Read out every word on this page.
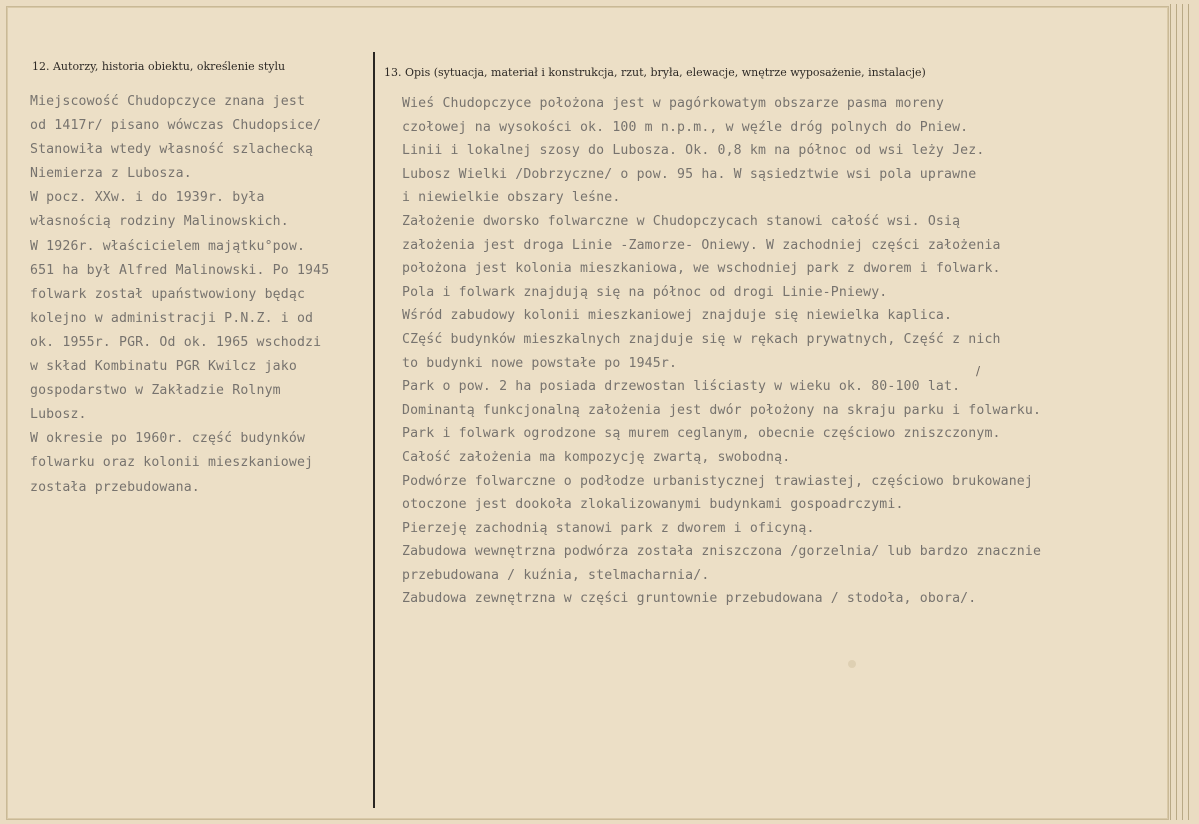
12. Autorzy, historia obiektu, określenie stylu	13. Opis (sytuacja, materiał i konstrukcja, rzut, bryła, elewacje, wnętrze wyposażenie, instalacje)
Miejscowość Chudopczyce znana jest
od 1417r/ pisano wówczas Chudopsice/
Stanowiła wtedy własność szlachecką
Niemierza z Lubosza.
W pocz. XXw. i do 1939r. była
własnością rodziny Malinowskich.
W 1926r. właścicielem majątku°pow.
651 ha był Alfred Malinowski. Po 1945
folwark został upaństwowiony będąc
kolejno w administracji P.N.Z. i od
ok. 1955r. PGR. Od ok. 1965 wschodzi
w skład Kombinatu PGR Kwilcz jako
gospodarstwo w Zakładzie Rolnym
Lubosz.
W okresie po 1960r. część budynków
folwarku oraz kolonii mieszkaniowej
została przebudowana.
Wieś Chudopczyce położona jest w pagórkowatym obszarze pasma moreny
czołowej na wysokości ok. 100 m n.p.m., w węźle dróg polnych do Pniew.
Linii i lokalnej szosy do Lubosza. Ok. 0,8 km na północ od wsi leży Jez.
Lubosz Wielki /Dobrzyczne/ o pow. 95 ha. W sąsiedztwie wsi pola uprawne
i niewielkie obszary leśne.
Założenie dworsko folwarczne w Chudopczycach stanowi całość wsi. Osią
założenia jest droga Linie -Zamorze- Oniewy. W zachodniej części założenia
położona jest kolonia mieszkaniowa, we wschodniej park z dworem i folwark.
Pola i folwark znajdują się na północ od drogi Linie-Pniewy.
Wśród zabudowy kolonii mieszkaniowej znajduje się niewielka kaplica.
CZęść budynków mieszkalnych znajduje się w rękach prywatnych, Część z nich
to budynki nowe powstałe po 1945r.
Park o pow. 2 ha posiada drzewostan liściasty w wieku ok. 80-100 lat.
Dominantą funkcjonalną założenia jest dwór położony na skraju parku i folwarku.
Park i folwark ogrodzone są murem ceglanym, obecnie częściowo zniszczonym.
Całość założenia ma kompozycję zwartą, swobodną.
Podwórze folwarczne o podłodze urbanistycznej trawiastej, częściowo brukowanej
otoczone jest dookoła zlokalizowanymi budynkami gospoadrczymi.
Pierzeję zachodnią stanowi park z dworem i oficyną.
Zabudowa wewnętrzna podwórza została zniszczona /gorzelnia/ lub bardzo znacznie
przebudowana / kuźnia, stelmacharnia/.
Zabudowa zewnętrzna w części gruntownie przebudowana / stodoła, obora/.
/
